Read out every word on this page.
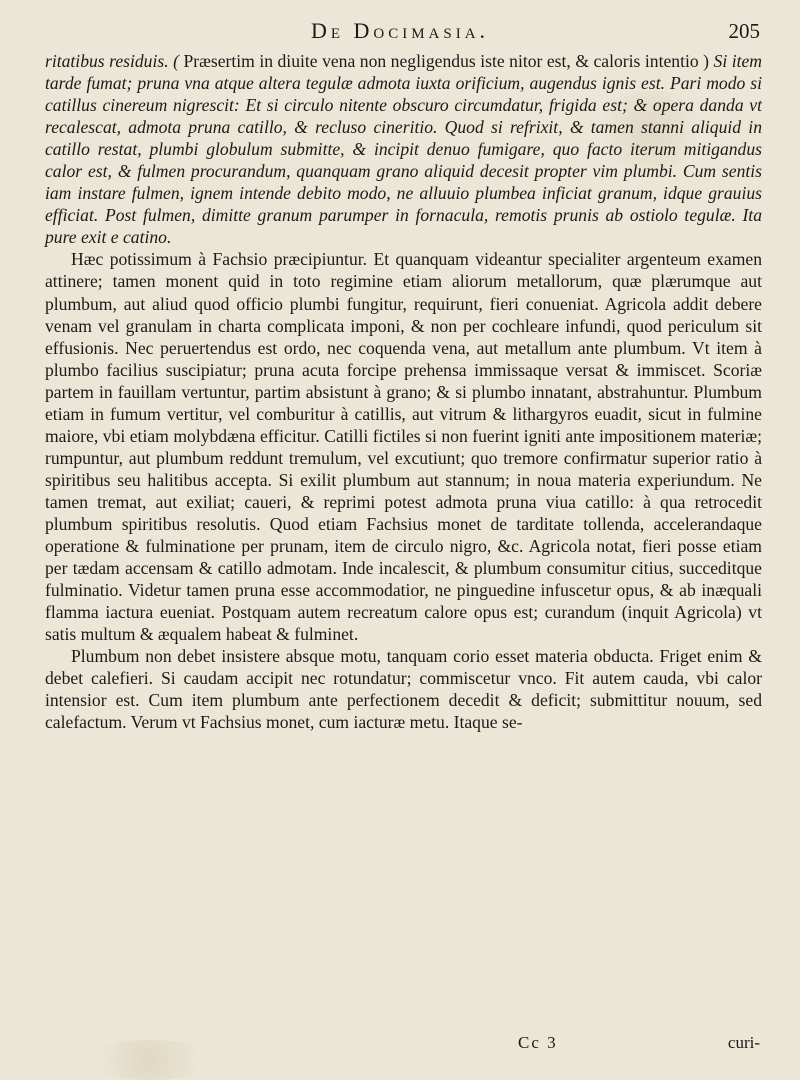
De Docimasia.	205

ritatibus residuis. ( Præsertim in diuite vena non negligendus iste nitor est, & caloris intentio ) Si item tarde fumat; pruna vna atque altera tegulæ admota iuxta orificium, augendus ignis est. Pari modo si catillus cinereum nigrescit: Et si circulo nitente obscuro circumdatur, frigida est; & opera danda vt recalescat, admota pruna catillo, & recluso cineritio. Quod si refrixit, & tamen stanni aliquid in catillo restat, plumbi globulum submitte, & incipit denuo fumigare, quo facto iterum mitigandus calor est, & fulmen procurandum, quanquam grano aliquid decesit propter vim plumbi. Cum sentis iam instare fulmen, ignem intende debito modo, ne alluuio plumbea inficiat granum, idque grauius efficiat. Post fulmen, dimitte granum parumper in fornacula, remotis prunis ab ostiolo tegulæ. Ita pure exit e catino.

Hæc potissimum à Fachsio præcipiuntur. Et quanquam videantur specialiter argenteum examen attinere; tamen monent quid in toto regimine etiam aliorum metallorum, quæ plærumque aut plumbum, aut aliud quod officio plumbi fungitur, requirunt, fieri conueniat. Agricola addit debere venam vel granulam in charta complicata imponi, & non per cochleare infundi, quod periculum sit effusionis. Nec peruertendus est ordo, nec coquenda vena, aut metallum ante plumbum. Vt item à plumbo facilius suscipiatur; pruna acuta forcipe prehensa immissaque versat & immiscet. Scoriæ partem in fauillam vertuntur, partim absistunt à grano; & si plumbo innatant, abstrahuntur. Plumbum etiam in fumum vertitur, vel comburitur à catillis, aut vitrum & lithargyros euadit, sicut in fulmine maiore, vbi etiam molybdæna efficitur. Catilli fictiles si non fuerint igniti ante impositionem materiæ; rumpuntur, aut plumbum reddunt tremulum, vel excutiunt; quo tremore confirmatur superior ratio à spiritibus seu halitibus accepta. Si exilit plumbum aut stannum; in noua materia experiundum. Ne tamen tremat, aut exiliat; caueri, & reprimi potest admota pruna viua catillo: à qua retrocedit plumbum spiritibus resolutis. Quod etiam Fachsius monet de tarditate tollenda, accelerandaque operatione & fulminatione per prunam, item de circulo nigro, &c. Agricola notat, fieri posse etiam per tædam accensam & catillo admotam. Inde incalescit, & plumbum consumitur citius, succeditque fulminatio. Videtur tamen pruna esse accommodatior, ne pinguedine infuscetur opus, & ab inæquali flamma iactura eueniat. Postquam autem recreatum calore opus est; curandum (inquit Agricola) vt satis multum & æqualem habeat & fulminet.

Plumbum non debet insistere absque motu, tanquam corio esset materia obducta. Friget enim & debet calefieri. Si caudam accipit nec rotundatur; commiscetur vnco. Fit autem cauda, vbi calor intensior est. Cum item plumbum ante perfectionem decedit & deficit; submittitur nouum, sed calefactum. Verum vt Fachsius monet, cum iacturæ metu. Itaque se-

Cc 3	curi-
